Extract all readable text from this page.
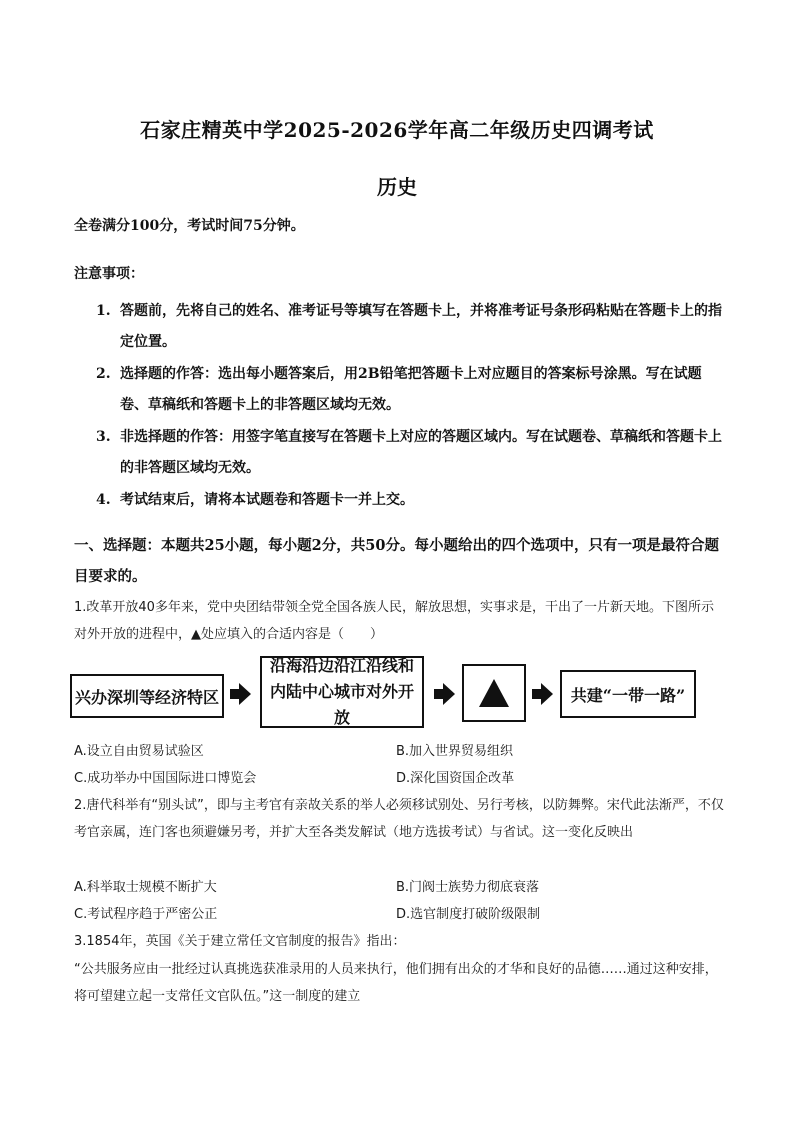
石家庄精英中学2025-2026学年高二年级历史四调考试
历史
全卷满分100分，考试时间75分钟。
注意事项：
1. 答题前，先将自己的姓名、准考证号等填写在答题卡上，并将准考证号条形码粘贴在答题卡上的指定位置。
2. 选择题的作答：选出每小题答案后，用2B铅笔把答题卡上对应题目的答案标号涂黑。写在试题卷、草稿纸和答题卡上的非答题区域均无效。
3. 非选择题的作答：用签字笔直接写在答题卡上对应的答题区域内。写在试题卷、草稿纸和答题卡上的非答题区域均无效。
4. 考试结束后，请将本试题卷和答题卡一并上交。
一、选择题：本题共25小题，每小题2分，共50分。每小题给出的四个选项中，只有一项是最符合题目要求的。
1.改革开放40多年来，党中央团结带领全党全国各族人民，解放思想，实事求是，干出了一片新天地。下图所示对外开放的进程中，▲处应填入的合适内容是（　　）
兴办深圳等经济特区
沿海沿边沿江沿线和内陆中心城市对外开放
共建“一带一路”
A.设立自由贸易试验区	B.加入世界贸易组织
C.成功举办中国国际进口博览会	D.深化国资国企改革
2.唐代科举有“别头试”，即与主考官有亲故关系的举人必须移试别处、另行考核，以防舞弊。宋代此法渐严，不仅考官亲属，连门客也须避嫌另考，并扩大至各类发解试（地方选拔考试）与省试。这一变化反映出
A.科举取士规模不断扩大	B.门阀士族势力彻底衰落
C.考试程序趋于严密公正	D.选官制度打破阶级限制
3.1854年，英国《关于建立常任文官制度的报告》指出：
“公共服务应由一批经过认真挑选获准录用的人员来执行，他们拥有出众的才华和良好的品德……通过这种安排，将可望建立起一支常任文官队伍。”这一制度的建立
